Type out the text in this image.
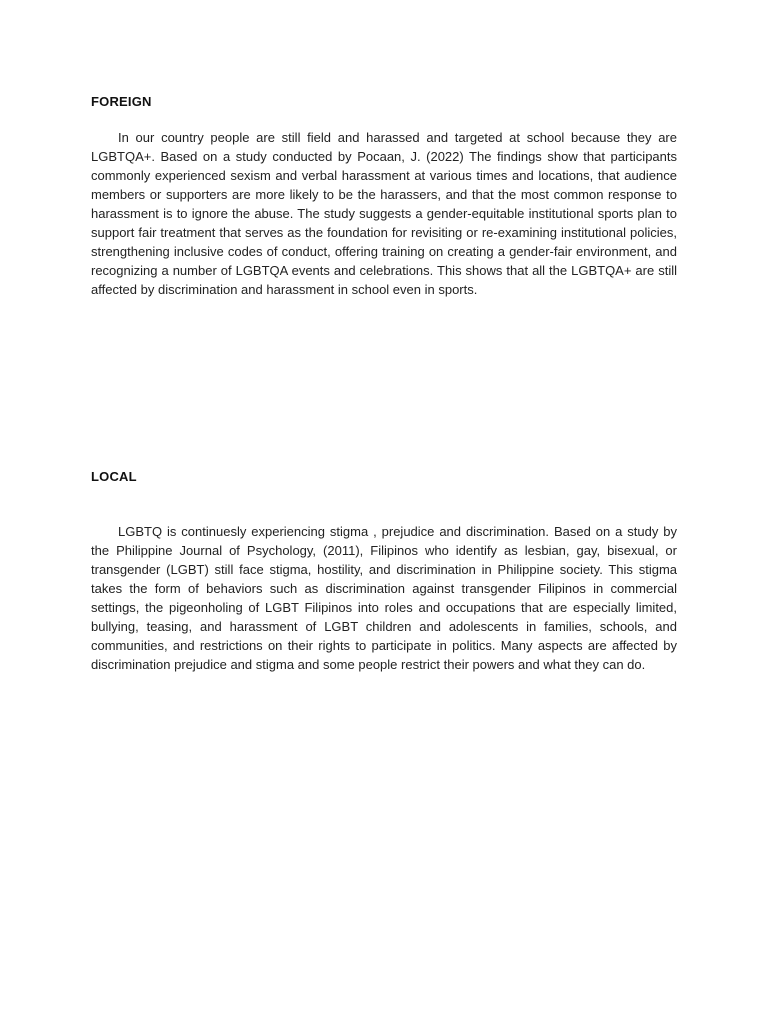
FOREIGN

In our country people are still field and harassed and targeted at school because they are LGBTQA+. Based on a study conducted by Pocaan, J. (2022) The findings show that participants commonly experienced sexism and verbal harassment at various times and locations, that audience members or supporters are more likely to be the harassers, and that the most common response to harassment is to ignore the abuse. The study suggests a gender-equitable institutional sports plan to support fair treatment that serves as the foundation for revisiting or re-examining institutional policies, strengthening inclusive codes of conduct, offering training on creating a gender-fair environment, and recognizing a number of LGBTQA events and celebrations. This shows that all the LGBTQA+ are still affected by discrimination and harassment in school even in sports.

LOCAL

LGBTQ is continuesly experiencing stigma , prejudice and discrimination. Based on a study by the Philippine Journal of Psychology, (2011), Filipinos who identify as lesbian, gay, bisexual, or transgender (LGBT) still face stigma, hostility, and discrimination in Philippine society. This stigma takes the form of behaviors such as discrimination against transgender Filipinos in commercial settings, the pigeonholing of LGBT Filipinos into roles and occupations that are especially limited, bullying, teasing, and harassment of LGBT children and adolescents in families, schools, and communities, and restrictions on their rights to participate in politics. Many aspects are affected by discrimination prejudice and stigma and some people restrict their powers and what they can do.
